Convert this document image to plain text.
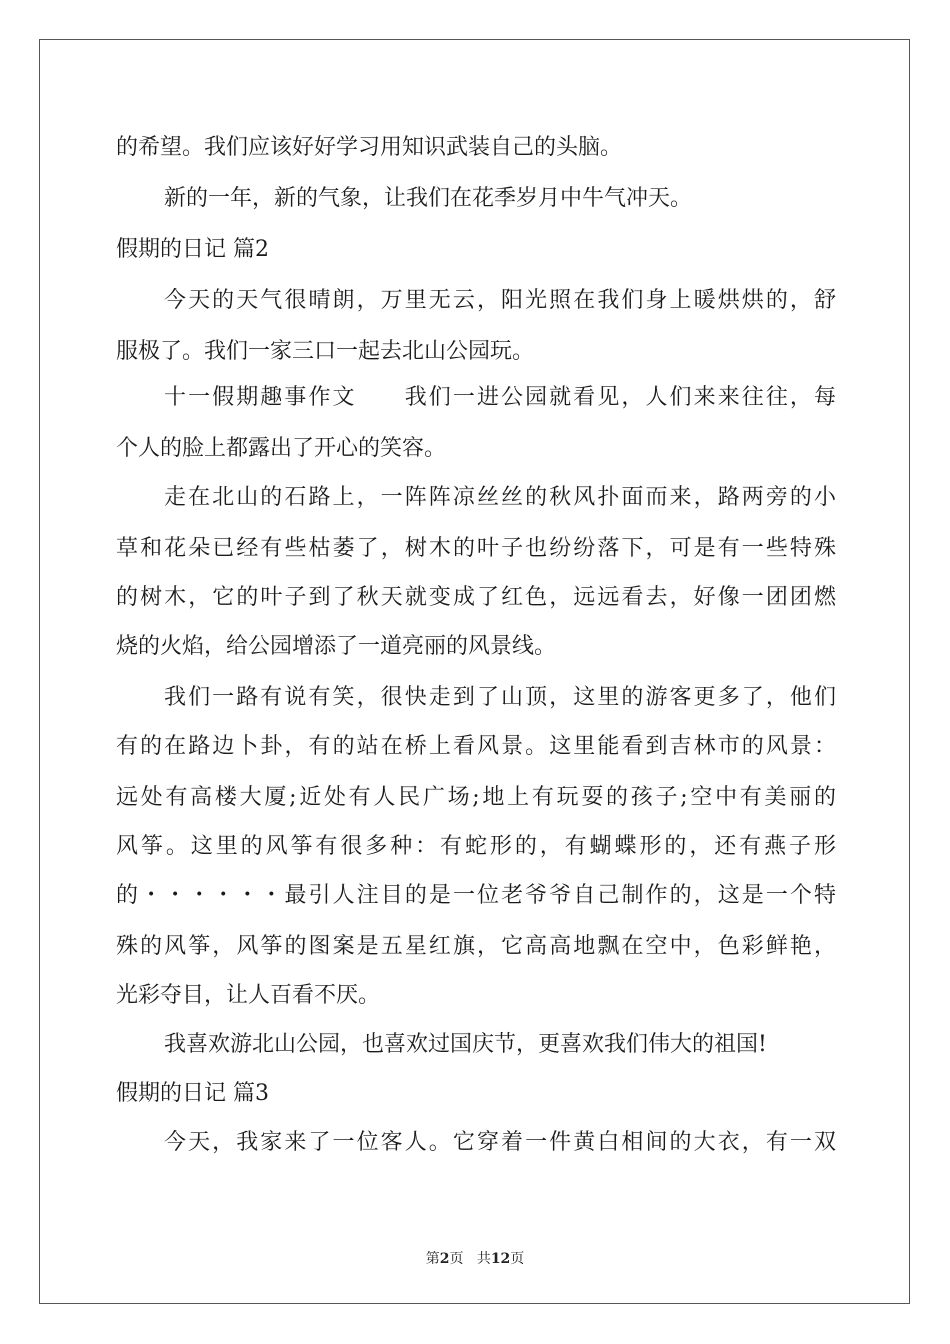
的希望。我们应该好好学习用知识武装自己的头脑。
新的一年，新的气象，让我们在花季岁月中牛气冲天。
假期的日记 篇2
今天的天气很晴朗，万里无云，阳光照在我们身上暖烘烘的，舒
服极了。我们一家三口一起去北山公园玩。
十一假期趣事作文　　我们一进公园就看见，人们来来往往，每
个人的脸上都露出了开心的笑容。
走在北山的石路上，一阵阵凉丝丝的秋风扑面而来，路两旁的小
草和花朵已经有些枯萎了，树木的叶子也纷纷落下，可是有一些特殊
的树木，它的叶子到了秋天就变成了红色，远远看去，好像一团团燃
烧的火焰，给公园增添了一道亮丽的风景线。
我们一路有说有笑，很快走到了山顶，这里的游客更多了，他们
有的在路边卜卦，有的站在桥上看风景。这里能看到吉林市的风景：
远处有高楼大厦;近处有人民广场;地上有玩耍的孩子;空中有美丽的
风筝。这里的风筝有很多种：有蛇形的，有蝴蝶形的，还有燕子形
的・・・・・・最引人注目的是一位老爷爷自己制作的，这是一个特
殊的风筝，风筝的图案是五星红旗，它高高地飘在空中，色彩鲜艳，
光彩夺目，让人百看不厌。
我喜欢游北山公园，也喜欢过国庆节，更喜欢我们伟大的祖国!
假期的日记 篇3
今天，我家来了一位客人。它穿着一件黄白相间的大衣，有一双
第2页 共12页
